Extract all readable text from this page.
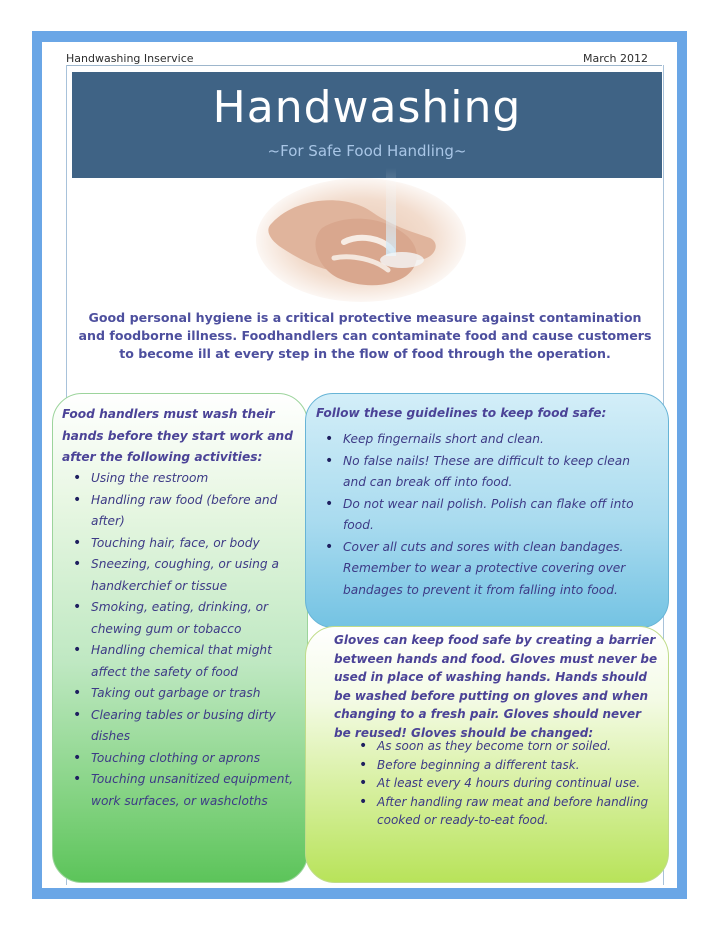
Handwashing Inservice	March 2012
Handwashing
~For Safe Food Handling~
Good personal hygiene is a critical protective measure against contamination and foodborne illness. Foodhandlers can contaminate food and cause customers to become ill at every step in the flow of food through the operation.
Food handlers must wash their hands before they start work and after the following activities:
• Using the restroom
• Handling raw food (before and after)
• Touching hair, face, or body
• Sneezing, coughing, or using a handkerchief or tissue
• Smoking, eating, drinking, or chewing gum or tobacco
• Handling chemical that might affect the safety of food
• Taking out garbage or trash
• Clearing tables or busing dirty dishes
• Touching clothing or aprons
• Touching unsanitized equipment, work surfaces, or washcloths
Follow these guidelines to keep food safe:
• Keep fingernails short and clean.
• No false nails! These are difficult to keep clean and can break off into food.
• Do not wear nail polish. Polish can flake off into food.
• Cover all cuts and sores with clean bandages. Remember to wear a protective covering over bandages to prevent it from falling into food.
Gloves can keep food safe by creating a barrier between hands and food. Gloves must never be used in place of washing hands. Hands should be washed before putting on gloves and when changing to a fresh pair. Gloves should never be reused! Gloves should be changed:
• As soon as they become torn or soiled.
• Before beginning a different task.
• At least every 4 hours during continual use.
• After handling raw meat and before handling cooked or ready-to-eat food.
